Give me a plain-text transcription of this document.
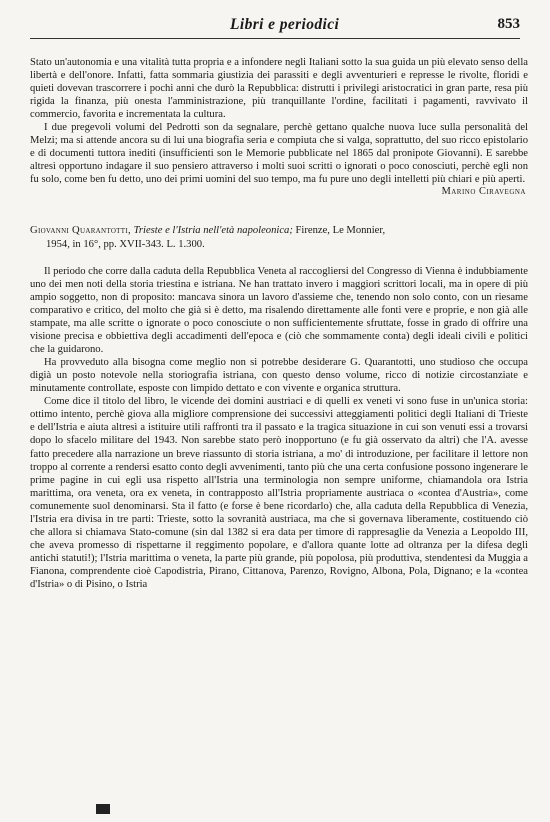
Libri e periodici	853

Stato un'autonomia e una vitalità tutta propria e a infondere negli Italiani sotto la sua guida un più elevato senso della libertà e dell'onore. Infatti, fatta sommaria giustizia dei parassiti e degli avventurieri e represse le rivolte, floridi e quieti dovevan trascorrere i pochi anni che durò la Repubblica: distrutti i privilegi aristocratici in gran parte, resa più rigida la finanza, più onesta l'amministrazione, più tranquillante l'ordine, facilitati i pagamenti, ravvivato il commercio, favorita e incrementata la cultura.

I due pregevoli volumi del Pedrotti son da segnalare, perchè gettano qualche nuova luce sulla personalità del Melzi; ma si attende ancora su di lui una biografia seria e compiuta che si valga, soprattutto, del suo ricco epistolario e di documenti tuttora inediti (insufficienti son le Memorie pubblicate nel 1865 dal pronipote Giovanni). E sarebbe altresì opportuno indagare il suo pensiero attraverso i molti suoi scritti o ignorati o poco conosciuti, perchè egli non fu solo, come ben fu detto, uno dei primi uomini del suo tempo, ma fu pure uno degli intelletti più chiari e più aperti.

Marino Ciravegna

Giovanni Quarantotti, Trieste e l'Istria nell'età napoleonica; Firenze, Le Monnier,

1954, in 16°, pp. XVII-343. L. 1.300.

Il periodo che corre dalla caduta della Repubblica Veneta al raccogliersi del Congresso di Vienna è indubbiamente uno dei men noti della storia triestina e istriana. Ne han trattato invero i maggiori scrittori locali, ma in opere di più ampio soggetto, non di proposito: mancava sinora un lavoro d'assieme che, tenendo non solo conto, con un riesame comparativo e critico, del molto che già si è detto, ma risalendo direttamente alle fonti vere e proprie, e non già alle stampate, ma alle scritte o ignorate o poco conosciute o non sufficientemente sfruttate, fosse in grado di offrire una visione precisa e obbiettiva degli accadimenti dell'epoca e (ciò che sommamente conta) degli ideali civili e politici che la guidarono.

Ha provveduto alla bisogna come meglio non si potrebbe desiderare G. Quarantotti, uno studioso che occupa digià un posto notevole nella storiografia istriana, con questo denso volume, ricco di notizie circostanziate e minutamente controllate, esposte con limpido dettato e con vivente e organica struttura.

Come dice il titolo del libro, le vicende dei domini austriaci e di quelli ex veneti vi sono fuse in un'unica storia: ottimo intento, perchè giova alla migliore comprensione dei successivi atteggiamenti politici degli Italiani di Trieste e dell'Istria e aiuta altresì a istituire utili raffronti tra il passato e la tragica situazione in cui son venuti essi a trovarsi dopo lo sfacelo militare del 1943. Non sarebbe stato però inopportuno (e fu già osservato da altri) che l'A. avesse fatto precedere alla narrazione un breve riassunto di storia istriana, a mo' di introduzione, per facilitare il lettore non troppo al corrente a rendersi esatto conto degli avvenimenti, tanto più che una certa confusione possono ingenerare le prime pagine in cui egli usa rispetto all'Istria una terminologia non sempre uniforme, chiamandola ora Istria marittima, ora veneta, ora ex veneta, in contrapposto all'Istria propriamente austriaca o «contea d'Austria», come comunemente suol denominarsi. Sta il fatto (e forse è bene ricordarlo) che, alla caduta della Repubblica di Venezia, l'Istria era divisa in tre parti: Trieste, sotto la sovranità austriaca, ma che si governava liberamente, costituendo ciò che allora si chiamava Stato-comune (sin dal 1382 si era data per timore di rappresaglie da Venezia a Leopoldo III, che aveva promesso di rispettarne il reggimento popolare, e d'allora quante lotte ad oltranza per la difesa degli antichi statuti!); l'Istria marittima o veneta, la parte più grande, più popolosa, più produttiva, stendentesi da Muggia a Fianona, comprendente cioè Capodistria, Pirano, Cittanova, Parenzo, Rovigno, Albona, Pola, Dignano; e la «contea d'Istria» o di Pisino, o Istria
